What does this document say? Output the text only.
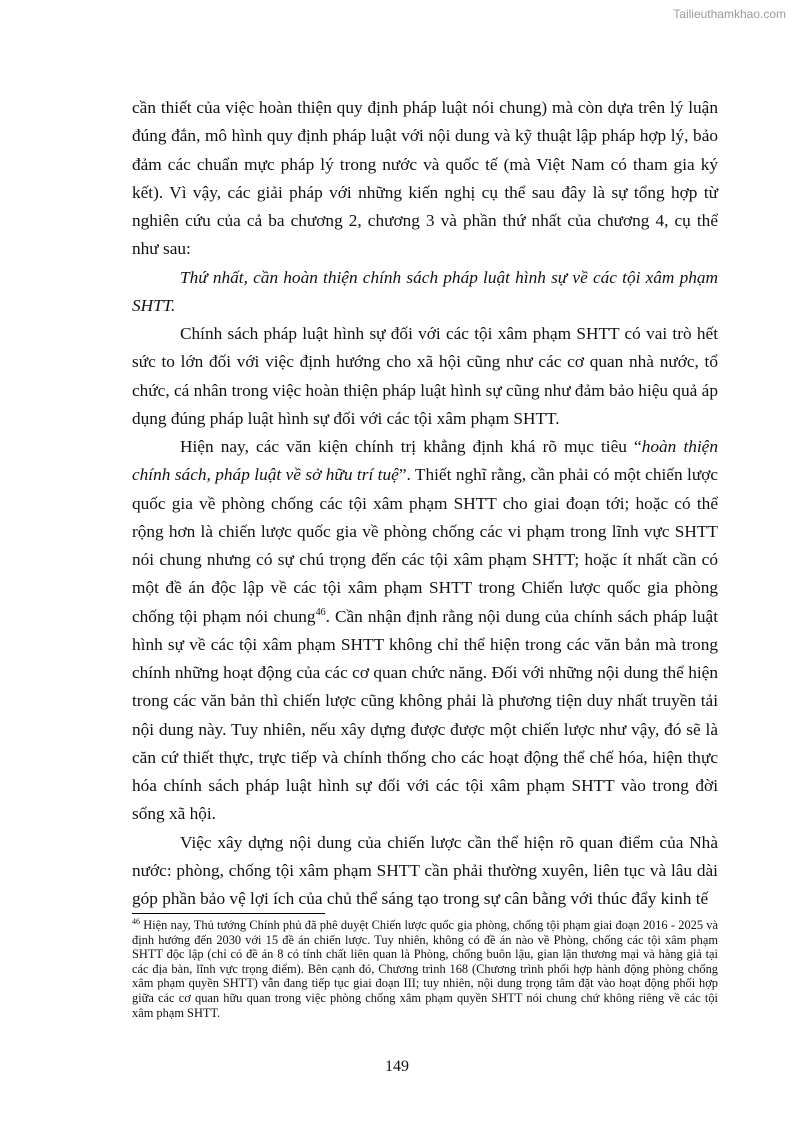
Tailieuthamkhao.com

cần thiết của việc hoàn thiện quy định pháp luật nói chung) mà còn dựa trên lý luận đúng đắn, mô hình quy định pháp luật với nội dung và kỹ thuật lập pháp hợp lý, bảo đảm các chuẩn mực pháp lý trong nước và quốc tế (mà Việt Nam có tham gia ký kết). Vì vậy, các giải pháp với những kiến nghị cụ thể sau đây là sự tổng hợp từ nghiên cứu của cả ba chương 2, chương 3 và phần thứ nhất của chương 4, cụ thể như sau:

Thứ nhất, cần hoàn thiện chính sách pháp luật hình sự về các tội xâm phạm SHTT.

Chính sách pháp luật hình sự đối với các tội xâm phạm SHTT có vai trò hết sức to lớn đối với việc định hướng cho xã hội cũng như các cơ quan nhà nước, tổ chức, cá nhân trong việc hoàn thiện pháp luật hình sự cũng như đảm bảo hiệu quả áp dụng đúng pháp luật hình sự đối với các tội xâm phạm SHTT.

Hiện nay, các văn kiện chính trị khẳng định khá rõ mục tiêu “hoàn thiện chính sách, pháp luật về sở hữu trí tuệ”. Thiết nghĩ rằng, cần phải có một chiến lược quốc gia về phòng chống các tội xâm phạm SHTT cho giai đoạn tới; hoặc có thể rộng hơn là chiến lược quốc gia về phòng chống các vi phạm trong lĩnh vực SHTT nói chung nhưng có sự chú trọng đến các tội xâm phạm SHTT; hoặc ít nhất cần có một đề án độc lập về các tội xâm phạm SHTT trong Chiến lược quốc gia phòng chống tội phạm nói chung$^{46}$. Cần nhận định rằng nội dung của chính sách pháp luật hình sự về các tội xâm phạm SHTT không chỉ thể hiện trong các văn bản mà trong chính những hoạt động của các cơ quan chức năng. Đối với những nội dung thể hiện trong các văn bản thì chiến lược cũng không phải là phương tiện duy nhất truyền tải nội dung này. Tuy nhiên, nếu xây dựng được được một chiến lược như vậy, đó sẽ là căn cứ thiết thực, trực tiếp và chính thống cho các hoạt động thể chế hóa, hiện thực hóa chính sách pháp luật hình sự đối với các tội xâm phạm SHTT vào trong đời sống xã hội.

Việc xây dựng nội dung của chiến lược cần thể hiện rõ quan điểm của Nhà nước: phòng, chống tội xâm phạm SHTT cần phải thường xuyên, liên tục và lâu dài góp phần bảo vệ lợi ích của chủ thể sáng tạo trong sự cân bằng với thúc đẩy kinh tế

$^{46}$ Hiện nay, Thủ tướng Chính phủ đã phê duyệt Chiến lược quốc gia phòng, chống tội phạm giai đoạn 2016 - 2025 và định hướng đến 2030 với 15 đề án chiến lược. Tuy nhiên, không có đề án nào về Phòng, chống các tội xâm phạm SHTT độc lập (chỉ có đề án 8 có tính chất liên quan là Phòng, chống buôn lậu, gian lận thương mại và hàng giả tại các địa bàn, lĩnh vực trọng điểm). Bên cạnh đó, Chương trình 168 (Chương trình phối hợp hành động phòng chống xâm phạm quyền SHTT) vẫn đang tiếp tục giai đoạn III; tuy nhiên, nội dung trọng tâm đặt vào hoạt động phối hợp giữa các cơ quan hữu quan trong việc phòng chống xâm phạm quyền SHTT nói chung chứ không riêng về các tội xâm phạm SHTT.

149
